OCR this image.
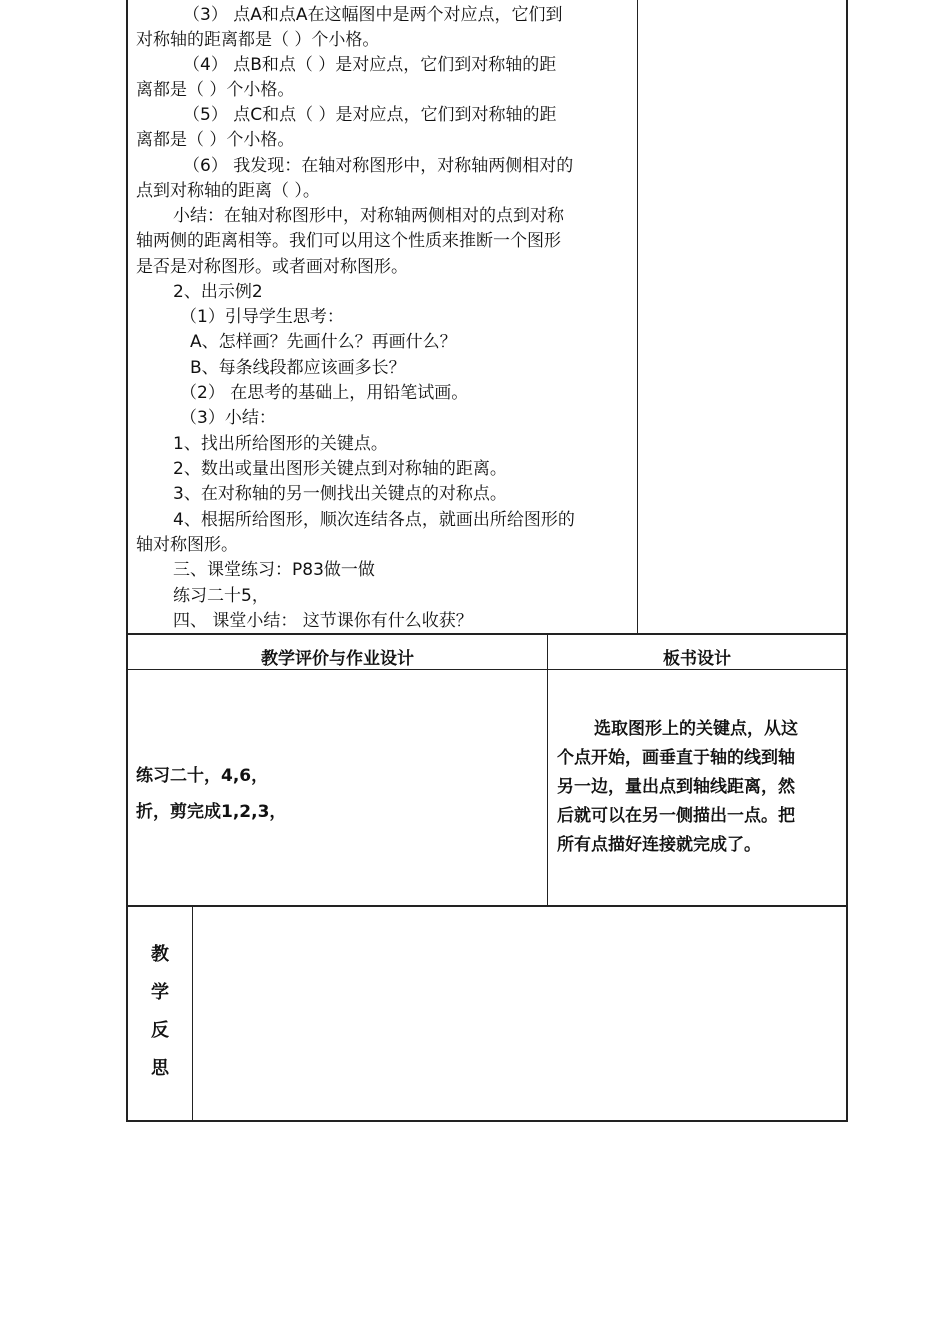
（3） 点A和点A在这幅图中是两个对应点，它们到
对称轴的距离都是（ ）个小格。
（4） 点B和点（ ）是对应点，它们到对称轴的距
离都是（ ）个小格。
（5） 点C和点（ ）是对应点，它们到对称轴的距
离都是（ ）个小格。
（6） 我发现：在轴对称图形中，对称轴两侧相对的
点到对称轴的距离（ ）。
小结：在轴对称图形中，对称轴两侧相对的点到对称
轴两侧的距离相等。我们可以用这个性质来推断一个图形
是否是对称图形。或者画对称图形。
2、出示例2
（1）引导学生思考：
A、怎样画？先画什么？再画什么？
B、每条线段都应该画多长？
（2） 在思考的基础上，用铅笔试画。
（3）小结：
1、找出所给图形的关键点。
2、数出或量出图形关键点到对称轴的距离。
3、在对称轴的另一侧找出关键点的对称点。
4、根据所给图形，顺次连结各点，就画出所给图形的
轴对称图形。
三、课堂练习：P83做一做
练习二十5，
四、 课堂小结： 这节课你有什么收获？
教学评价与作业设计	板书设计
练习二十，4,6，
折，剪完成1,2,3，
选取图形上的关键点，从这
个点开始，画垂直于轴的线到轴
另一边，量出点到轴线距离，然
后就可以在另一侧描出一点。把
所有点描好连接就完成了。
教
学
反
思
